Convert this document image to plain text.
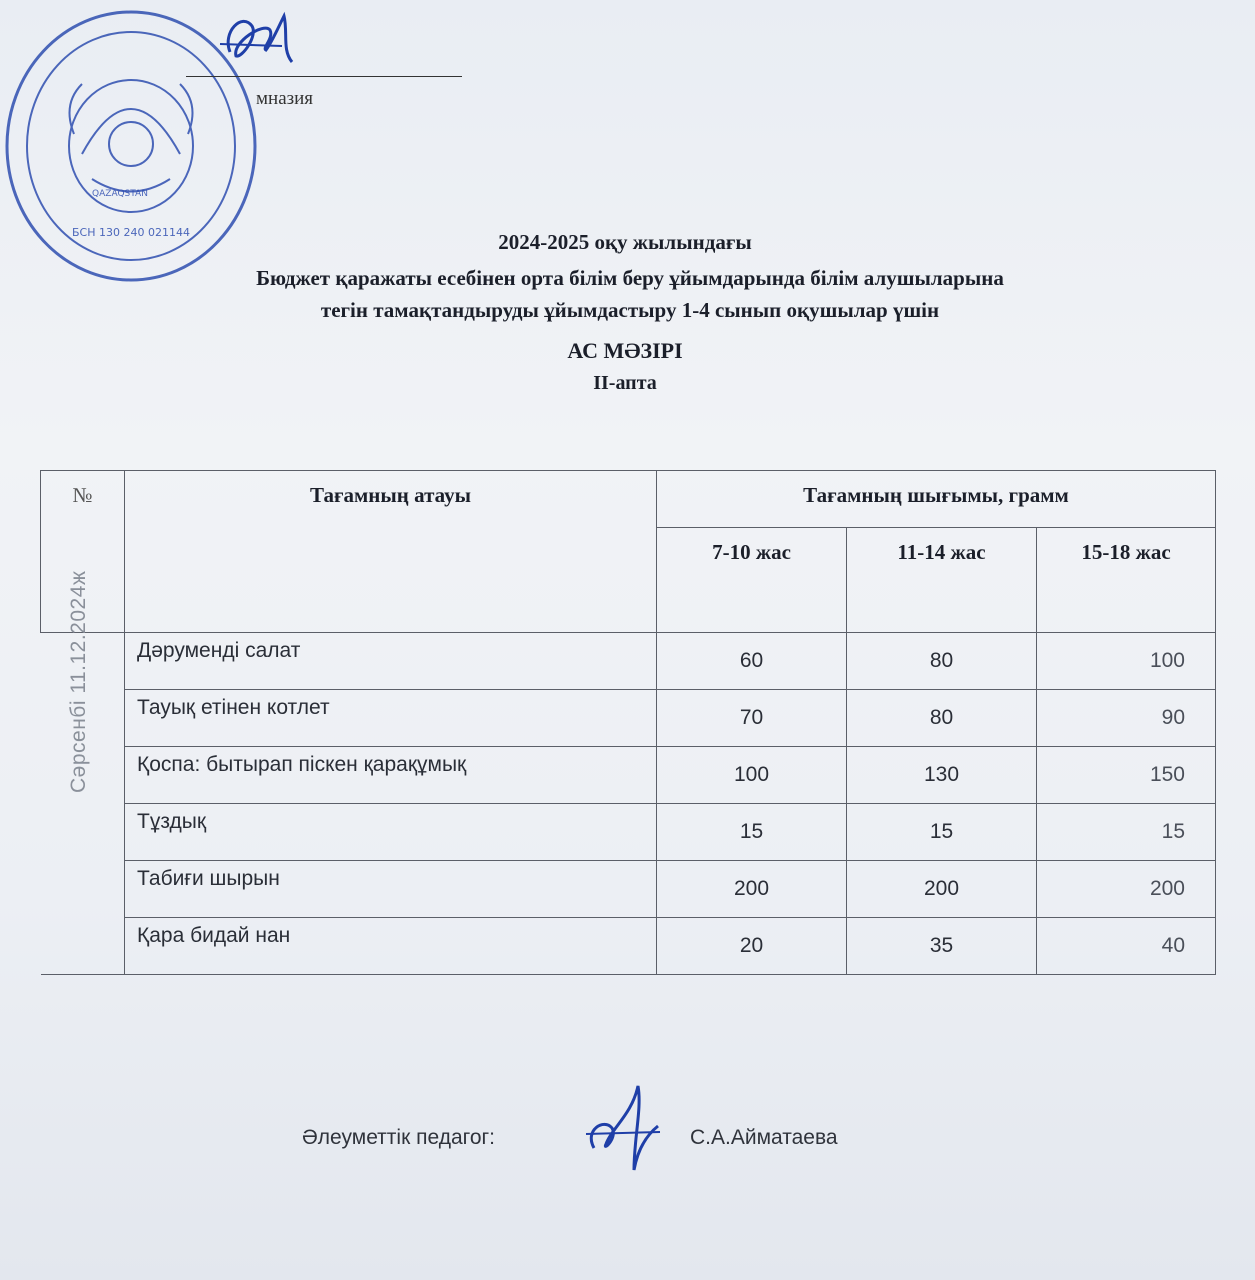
QAZAQSTAN
БСН 130 240 021144
мназия
2024-2025 оқу жылындағы
Бюджет қаражаты есебінен орта білім беру ұйымдарында білім алушыларына
тегін тамақтандыруды ұйымдастыру 1-4 сынып оқушылар үшін
АС МӘЗІРІ
ІІ-апта
№	Тағамның атауы	Тағамның шығымы, грамм		
		7-10 жас	11-14 жас	15-18 жас

Сәрсенбі 11.12.2024ж	Дәруменді салат	60	80	100
	Тауық етінен котлет	70	80	90
	Қоспа: бытырап піскен қарақұмық	100	130	150
	Тұздық	15	15	15
	Табиғи шырын	200	200	200
	Қара бидай нан	20	35	40
Әлеуметтік педагог:	С.А.Айматаева
